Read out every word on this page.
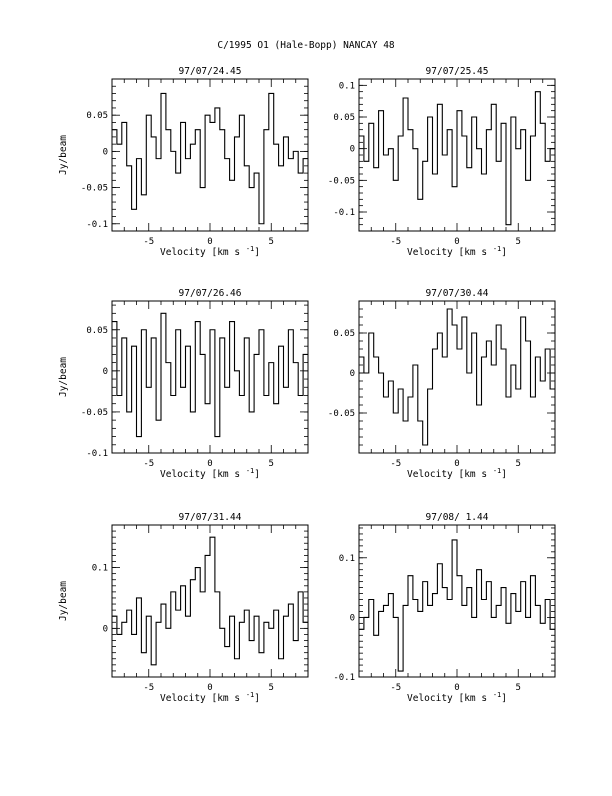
C/1995 O1 (Hale-Bopp) NANCAY 48
97/07/24.45
-5	0	5
-0.1
-0.05
0
0.05
Velocity [km s $^{-1}$]
Jy/beam
97/07/25.45
-5	0	5
-0.1
-0.05
0
0.05
0.1
Velocity [km s $^{-1}$]
97/07/26.46
-5	0	5
-0.1
-0.05
0
0.05
Velocity [km s $^{-1}$]
Jy/beam
97/07/30.44
-5	0	5
-0.05
0
0.05
Velocity [km s $^{-1}$]
97/07/31.44
-5	0	5
0
0.1
Velocity [km s $^{-1}$]
Jy/beam
97/08/ 1.44
-5	0	5
-0.1
0
0.1
Velocity [km s $^{-1}$]
